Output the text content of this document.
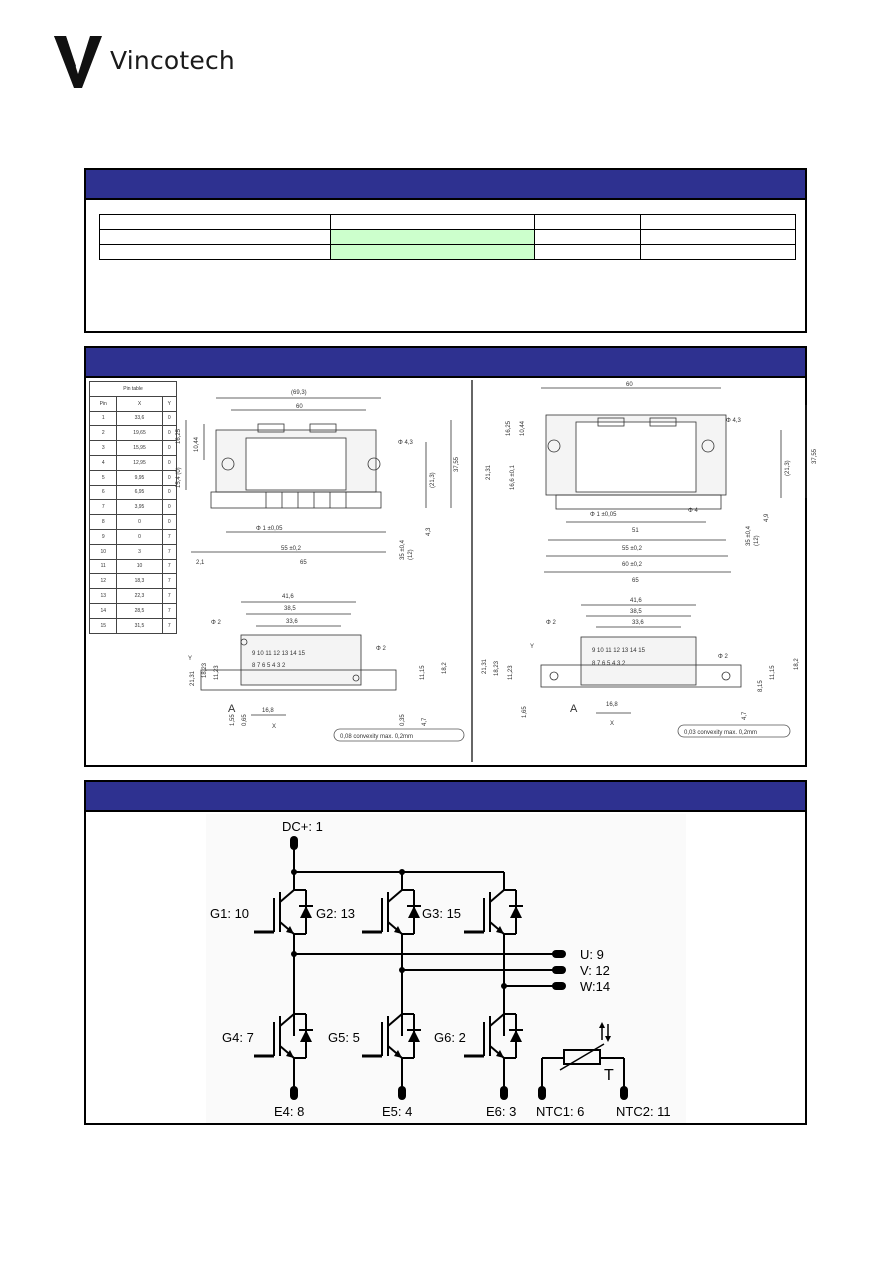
Vincotech

Pin table		
Pin	X	Y
1	33,6	0
2	19,65	0
3	15,95	0
4	12,95	0
5	9,95	0
6	6,95	0
7	3,95	0
8	0	0
9	0	7
10	3	7
11	10	7
12	18,3	7
13	22,3	7
14	28,5	7
15	31,5	7
(69,3)
60
Φ 4,3
16,25
10,44
15,4 (0)
37,55
(21,3)
Φ 1 ±0,05
55 ±0,2
65
2,1
4,3
35 ±0,4 (12)
41,6
38,5
33,6
Φ 2
Φ 2
21,31
18,23 11,23	18,2
11,15
16,8
1,55 0,65	0,35	4,7
A
X
Y
9 10 11 12 13 14 15
8 7 6 5 4 3 2
0,08 convexity max. 0,2mm
60
Φ 4,3
16,25 10,44
21,31	16,6 ±0,1
37,55
(21,3)
Φ 1 ±0,05
Φ 4
51
55 ±0,2
60 ±0,2
65
4,9
35 ±0,4 (12)
41,6
38,5
33,6
Φ 2
Φ 2
21,31 18,23 11,23
18,2
11,15
8,15
16,8
1,65	4,7
A
X
Y
9 10 11 12 13 14 15
8 7 6 5 4 3 2
0,03 convexity max. 0,2mm
DC+: 1
G1: 10	G2: 13	G3: 15
G4: 7	G5: 5	G6: 2
U: 9
V: 12
W:14
E4: 8	E5: 4	E6: 3 NTC1: 6 NTC2: 11
T
